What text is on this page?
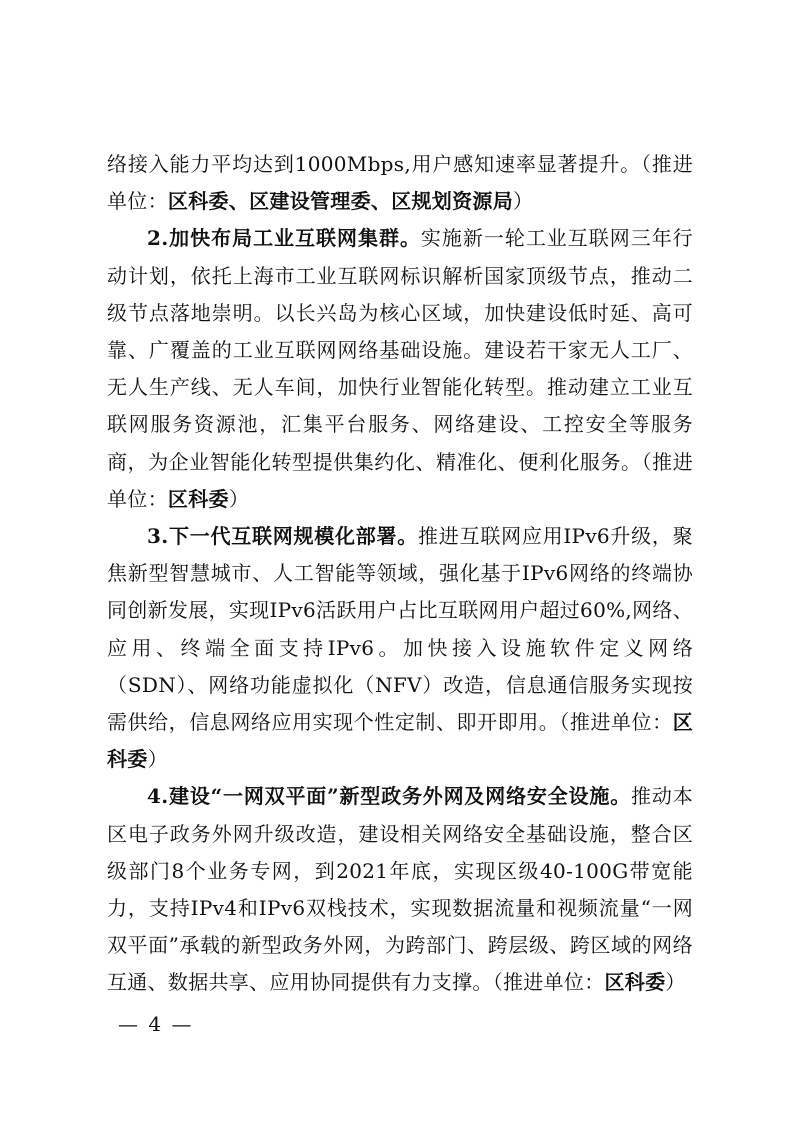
络接入能力平均达到1000Mbps,用户感知速率显著提升。（推进单位：区科委、区建设管理委、区规划资源局）

2.加快布局工业互联网集群。实施新一轮工业互联网三年行动计划，依托上海市工业互联网标识解析国家顶级节点，推动二级节点落地崇明。以长兴岛为核心区域，加快建设低时延、高可靠、广覆盖的工业互联网网络基础设施。建设若干家无人工厂、无人生产线、无人车间，加快行业智能化转型。推动建立工业互联网服务资源池，汇集平台服务、网络建设、工控安全等服务商，为企业智能化转型提供集约化、精准化、便利化服务。（推进单位：区科委）

3.下一代互联网规模化部署。推进互联网应用IPv6升级，聚焦新型智慧城市、人工智能等领域，强化基于IPv6网络的终端协同创新发展，实现IPv6活跃用户占比互联网用户超过60%,网络、应用、终端全面支持IPv6。加快接入设施软件定义网络（SDN）、网络功能虚拟化（NFV）改造，信息通信服务实现按需供给，信息网络应用实现个性定制、即开即用。（推进单位：区科委）

4.建设“一网双平面”新型政务外网及网络安全设施。推动本区电子政务外网升级改造，建设相关网络安全基础设施，整合区级部门8个业务专网，到2021年底，实现区级40-100G带宽能力，支持IPv4和IPv6双栈技术，实现数据流量和视频流量“一网双平面”承载的新型政务外网，为跨部门、跨层级、跨区域的网络互通、数据共享、应用协同提供有力支撑。（推进单位：区科委）

— 4 —
